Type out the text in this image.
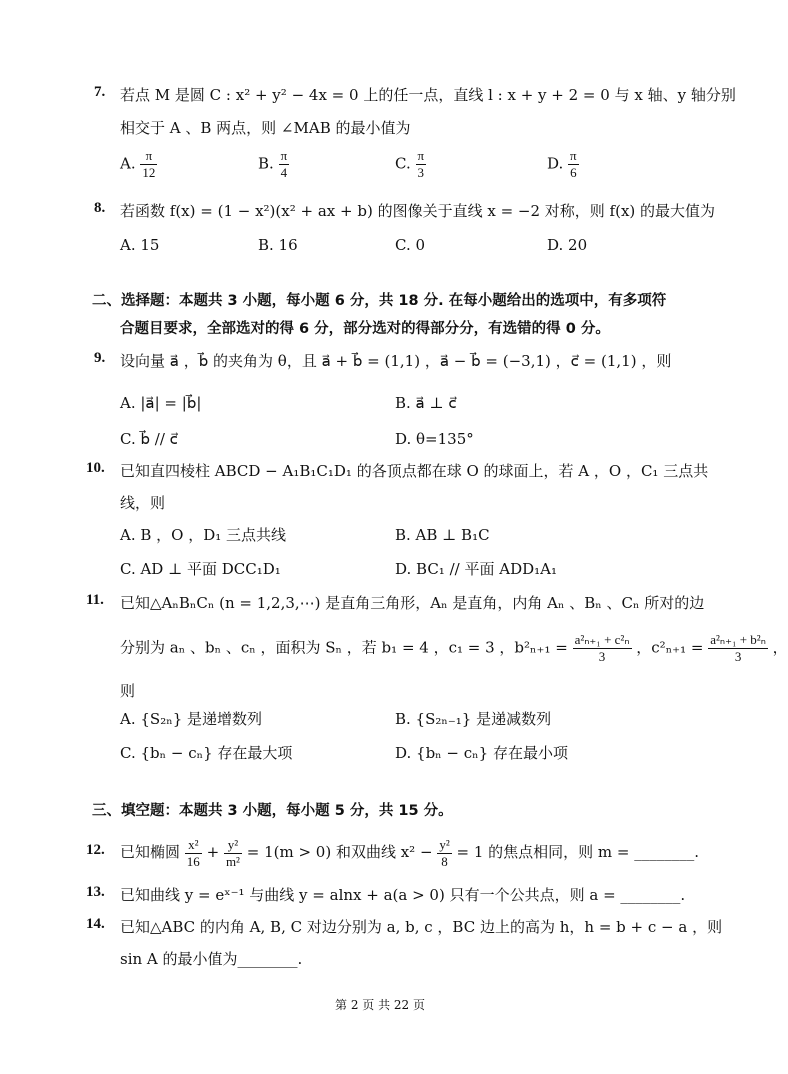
7. 若点 M 是圆 C : x² + y² − 4x = 0 上的任一点，直线 l : x + y + 2 = 0 与 x 轴、y 轴分别
相交于 A 、B 两点，则 ∠MAB 的最小值为
A. $\frac{\pi}{12}$	B. $\frac{\pi}{4}$	C. $\frac{\pi}{3}$	D. $\frac{\pi}{6}$
8. 若函数 f(x) = (1 − x²)(x² + ax + b) 的图像关于直线 x = −2 对称，则 f(x) 的最大值为
A. 15	B. 16	C. 0	D. 20
二、选择题：本题共 3 小题，每小题 6 分，共 18 分. 在每小题给出的选项中，有多项符
合题目要求，全部选对的得 6 分，部分选对的得部分分，有选错的得 0 分。
9. 设向量 a⃗ ，b⃗ 的夹角为 θ，且 a⃗ + b⃗ = (1,1) ，a⃗ − b⃗ = (−3,1) ，c⃗ = (1,1) ，则
A. |a⃗| = |b⃗|	B. a⃗ ⊥ c⃗
C. b⃗ // c⃗	D. θ=135°
10. 已知直四棱柱 ABCD − A₁B₁C₁D₁ 的各顶点都在球 O 的球面上，若 A ，O ，C₁ 三点共
线，则
A. B ，O ，D₁ 三点共线	B. AB ⊥ B₁C
C. AD ⊥ 平面 DCC₁D₁	D. BC₁ // 平面 ADD₁A₁
11. 已知△AₙBₙCₙ (n = 1,2,3,⋯) 是直角三角形，Aₙ 是直角，内角 Aₙ 、Bₙ 、Cₙ 所对的边
分别为 aₙ 、bₙ 、cₙ ，面积为 Sₙ ，若 b₁ = 4 ，c₁ = 3 ，$b^2_{n+1} = \frac{\text{a²ₙ₊₁ + c²ₙ}}{3}$ ，$c^2_{n+1} = \frac{\text{a²ₙ₊₁ + b²ₙ}}{3}$ ，
则
A. {S₂ₙ} 是递增数列	B. {S₂ₙ₋₁} 是递减数列
C. {bₙ − cₙ} 存在最大项	D. {bₙ − cₙ} 存在最小项
三、填空题：本题共 3 小题，每小题 5 分，共 15 分。
12. 已知椭圆 $\frac{\text{x²}}{16} + \frac{\text{y²}}{\text{m²}} = 1(m > 0)$ 和双曲线 $x^2 - \frac{\text{y²}}{8} = 1$ 的焦点相同，则 m = ________.
13. 已知曲线 y = eˣ⁻¹ 与曲线 y = alnx + a(a > 0) 只有一个公共点，则 a = ________.
14. 已知△ABC 的内角 A, B, C 对边分别为 a, b, c ，BC 边上的高为 h，h = b + c − a ，则
sin A 的最小值为________.
第 2 页 共 22 页
